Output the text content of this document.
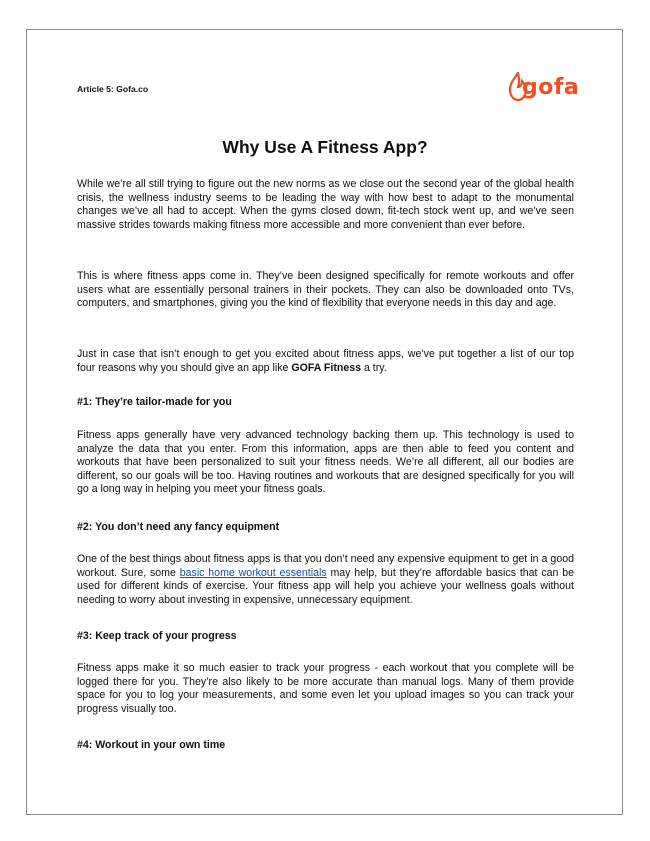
Article 5: Gofa.co	gofa
Why Use A Fitness App?

While we’re all still trying to figure out the new norms as we close out the second year of the global health crisis, the wellness industry seems to be leading the way with how best to adapt to the monumental changes we’ve all had to accept. When the gyms closed down, fit-tech stock went up, and we’ve seen massive strides towards making fitness more accessible and more convenient than ever before.

This is where fitness apps come in. They’ve been designed specifically for remote workouts and offer users what are essentially personal trainers in their pockets. They can also be downloaded onto TVs, computers, and smartphones, giving you the kind of flexibility that everyone needs in this day and age.

Just in case that isn’t enough to get you excited about fitness apps, we’ve put together a list of our top four reasons why you should give an app like GOFA Fitness a try.

#1: They’re tailor-made for you

Fitness apps generally have very advanced technology backing them up. This technology is used to analyze the data that you enter. From this information, apps are then able to feed you content and workouts that have been personalized to suit your fitness needs. We’re all different, all our bodies are different, so our goals will be too. Having routines and workouts that are designed specifically for you will go a long way in helping you meet your fitness goals.

#2: You don’t need any fancy equipment

One of the best things about fitness apps is that you don’t need any expensive equipment to get in a good workout. Sure, some basic home workout essentials may help, but they’re affordable basics that can be used for different kinds of exercise. Your fitness app will help you achieve your wellness goals without needing to worry about investing in expensive, unnecessary equipment.

#3: Keep track of your progress

Fitness apps make it so much easier to track your progress - each workout that you complete will be logged there for you. They’re also likely to be more accurate than manual logs. Many of them provide space for you to log your measurements, and some even let you upload images so you can track your progress visually too.

#4: Workout in your own time
